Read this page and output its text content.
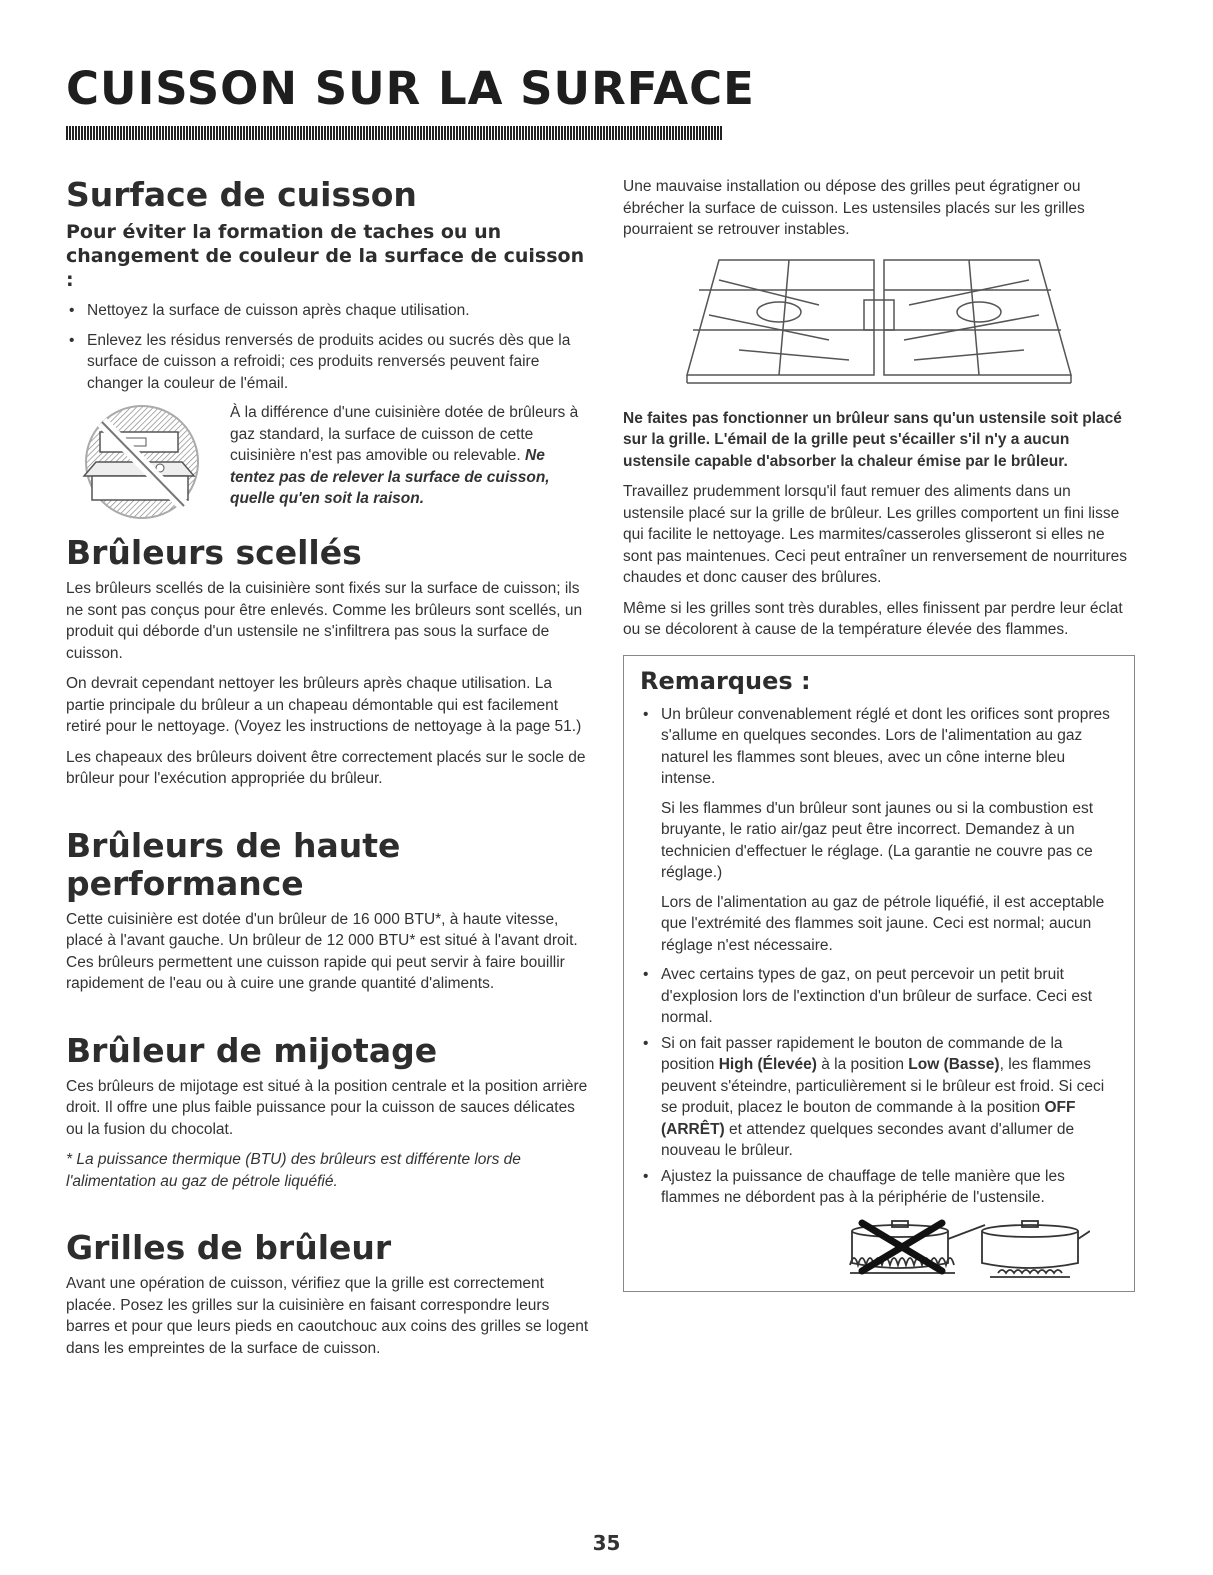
CUISSON SUR LA SURFACE
Surface de cuisson
Pour éviter la formation de taches ou un changement de couleur de la surface de cuisson :
• Nettoyez la surface de cuisson après chaque utilisation.
• Enlevez les résidus renversés de produits acides ou sucrés dès que la surface de cuisson a refroidi; ces produits renversés peuvent faire changer la couleur de l'émail.

À la différence d'une cuisinière dotée de brûleurs à gaz standard, la surface de cuisson de cette cuisinière n'est pas amovible ou relevable. Ne tentez pas de relever la surface de cuisson, quelle qu'en soit la raison.

Brûleurs scellés

Les brûleurs scellés de la cuisinière sont fixés sur la surface de cuisson; ils ne sont pas conçus pour être enlevés. Comme les brûleurs sont scellés, un produit qui déborde d'un ustensile ne s'infiltrera pas sous la surface de cuisson.

On devrait cependant nettoyer les brûleurs après chaque utilisation. La partie principale du brûleur a un chapeau démontable qui est facilement retiré pour le nettoyage. (Voyez les instructions de nettoyage à la page 51.)

Les chapeaux des brûleurs doivent être correctement placés sur le socle de brûleur pour l'exécution appropriée du brûleur.

Brûleurs de haute performance

Cette cuisinière est dotée d'un brûleur de 16 000 BTU*, à haute vitesse, placé à l'avant gauche. Un brûleur de 12 000 BTU* est situé à l'avant droit. Ces brûleurs permettent une cuisson rapide qui peut servir à faire bouillir rapidement de l'eau ou à cuire une grande quantité d'aliments.

Brûleur de mijotage

Ces brûleurs de mijotage est situé à la position centrale et la position arrière droit. Il offre une plus faible puissance pour la cuisson de sauces délicates ou la fusion du chocolat.

* La puissance thermique (BTU) des brûleurs est différente lors de l'alimentation au gaz de pétrole liquéfié.

Grilles de brûleur

Avant une opération de cuisson, vérifiez que la grille est correctement placée. Posez les grilles sur la cuisinière en faisant correspondre leurs barres et pour que leurs pieds en caoutchouc aux coins des grilles se logent dans les empreintes de la surface de cuisson.

Une mauvaise installation ou dépose des grilles peut égratigner ou ébrécher la surface de cuisson. Les ustensiles placés sur les grilles pourraient se retrouver instables.

Ne faites pas fonctionner un brûleur sans qu'un ustensile soit placé sur la grille. L'émail de la grille peut s'écailler s'il n'y a aucun ustensile capable d'absorber la chaleur émise par le brûleur.

Travaillez prudemment lorsqu'il faut remuer des aliments dans un ustensile placé sur la grille de brûleur. Les grilles comportent un fini lisse qui facilite le nettoyage. Les marmites/casseroles glisseront si elles ne sont pas maintenues. Ceci peut entraîner un renversement de nourritures chaudes et donc causer des brûlures.

Même si les grilles sont très durables, elles finissent par perdre leur éclat ou se décolorent à cause de la température élevée des flammes.

Remarques :
• Un brûleur convenablement réglé et dont les orifices sont propres s'allume en quelques secondes. Lors de l'alimentation au gaz naturel les flammes sont bleues, avec un cône interne bleu intense.

Si les flammes d'un brûleur sont jaunes ou si la combustion est bruyante, le ratio air/gaz peut être incorrect. Demandez à un technicien d'effectuer le réglage. (La garantie ne couvre pas ce réglage.)

Lors de l'alimentation au gaz de pétrole liquéfié, il est acceptable que l'extrémité des flammes soit jaune. Ceci est normal; aucun réglage n'est nécessaire.

• Avec certains types de gaz, on peut percevoir un petit bruit d'explosion lors de l'extinction d'un brûleur de surface. Ceci est normal.
• Si on fait passer rapidement le bouton de commande de la position High (Élevée) à la position Low (Basse), les flammes peuvent s'éteindre, particulièrement si le brûleur est froid. Si ceci se produit, placez le bouton de commande à la position OFF (ARRÊT) et attendez quelques secondes avant d'allumer de nouveau le brûleur.
• Ajustez la puissance de chauffage de telle manière que les flammes ne débordent pas à la périphérie de l'ustensile.
35
